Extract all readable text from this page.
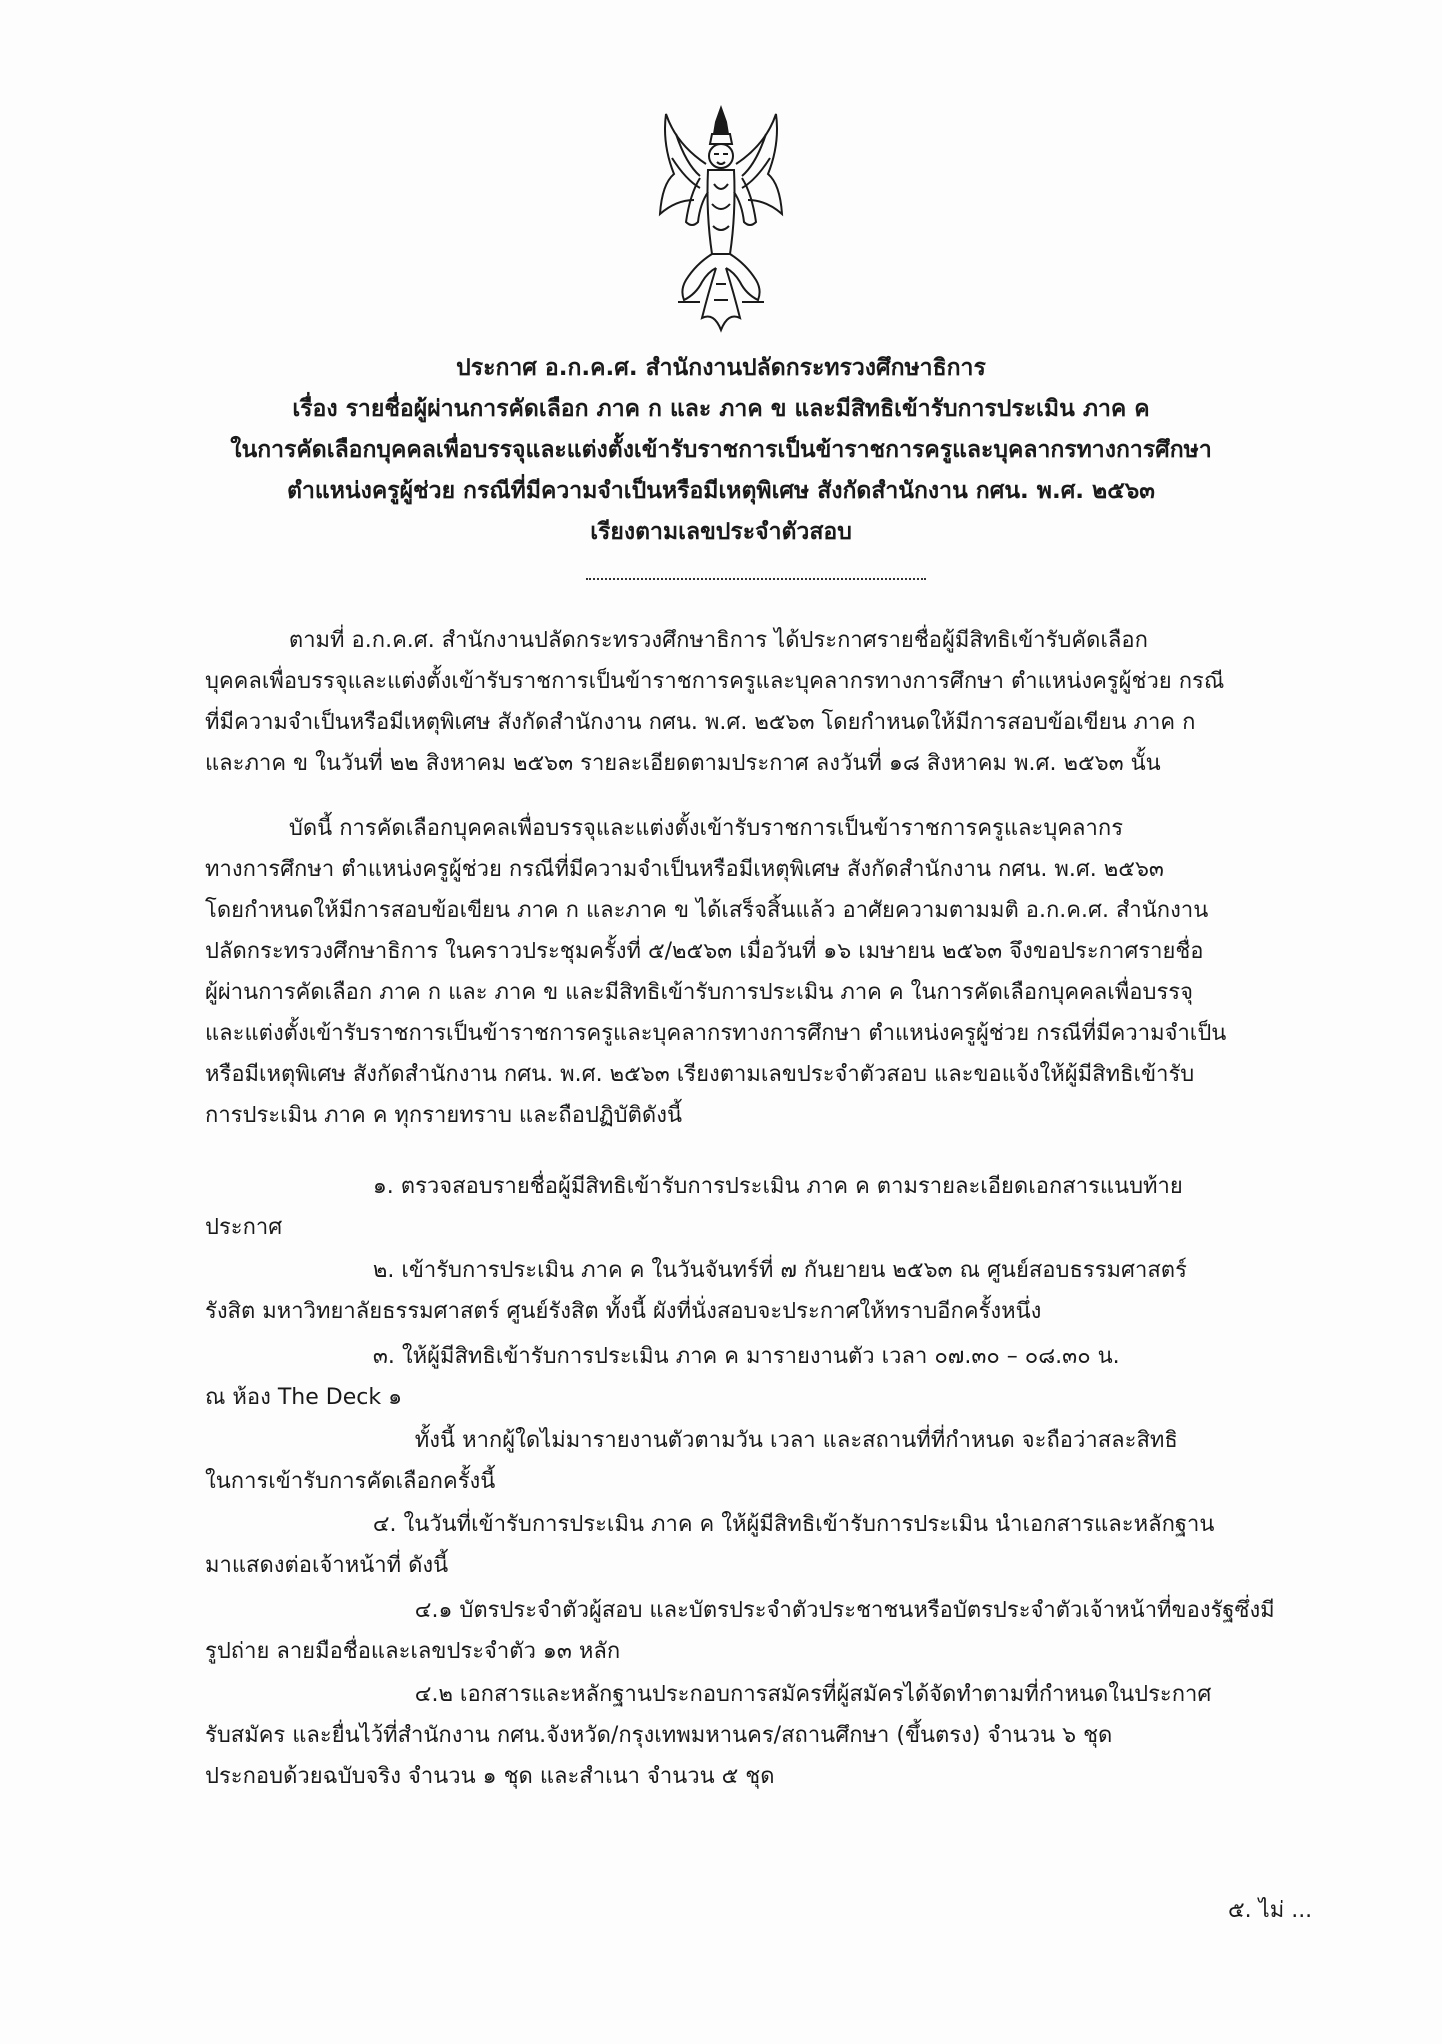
ประกาศ อ.ก.ค.ศ. สำนักงานปลัดกระทรวงศึกษาธิการ
เรื่อง รายชื่อผู้ผ่านการคัดเลือก ภาค ก และ ภาค ข และมีสิทธิเข้ารับการประเมิน ภาค ค
ในการคัดเลือกบุคคลเพื่อบรรจุและแต่งตั้งเข้ารับราชการเป็นข้าราชการครูและบุคลากรทางการศึกษา
ตำแหน่งครูผู้ช่วย กรณีที่มีความจำเป็นหรือมีเหตุพิเศษ สังกัดสำนักงาน กศน. พ.ศ. ๒๕๖๓
เรียงตามเลขประจำตัวสอบ
ตามที่ อ.ก.ค.ศ. สำนักงานปลัดกระทรวงศึกษาธิการ ได้ประกาศรายชื่อผู้มีสิทธิเข้ารับคัดเลือก
บุคคลเพื่อบรรจุและแต่งตั้งเข้ารับราชการเป็นข้าราชการครูและบุคลากรทางการศึกษา ตำแหน่งครูผู้ช่วย กรณี
ที่มีความจำเป็นหรือมีเหตุพิเศษ สังกัดสำนักงาน กศน. พ.ศ. ๒๕๖๓ โดยกำหนดให้มีการสอบข้อเขียน ภาค ก
และภาค ข ในวันที่ ๒๒ สิงหาคม ๒๕๖๓ รายละเอียดตามประกาศ ลงวันที่ ๑๘ สิงหาคม พ.ศ. ๒๕๖๓ นั้น
บัดนี้ การคัดเลือกบุคคลเพื่อบรรจุและแต่งตั้งเข้ารับราชการเป็นข้าราชการครูและบุคลากร
ทางการศึกษา ตำแหน่งครูผู้ช่วย กรณีที่มีความจำเป็นหรือมีเหตุพิเศษ สังกัดสำนักงาน กศน. พ.ศ. ๒๕๖๓
โดยกำหนดให้มีการสอบข้อเขียน ภาค ก และภาค ข ได้เสร็จสิ้นแล้ว อาศัยความตามมติ อ.ก.ค.ศ. สำนักงาน
ปลัดกระทรวงศึกษาธิการ ในคราวประชุมครั้งที่ ๕/๒๕๖๓ เมื่อวันที่ ๑๖ เมษายน ๒๕๖๓ จึงขอประกาศรายชื่อ
ผู้ผ่านการคัดเลือก ภาค ก และ ภาค ข และมีสิทธิเข้ารับการประเมิน ภาค ค ในการคัดเลือกบุคคลเพื่อบรรจุ
และแต่งตั้งเข้ารับราชการเป็นข้าราชการครูและบุคลากรทางการศึกษา ตำแหน่งครูผู้ช่วย กรณีที่มีความจำเป็น
หรือมีเหตุพิเศษ สังกัดสำนักงาน กศน. พ.ศ. ๒๕๖๓ เรียงตามเลขประจำตัวสอบ และขอแจ้งให้ผู้มีสิทธิเข้ารับ
การประเมิน ภาค ค ทุกรายทราบ และถือปฏิบัติดังนี้
๑. ตรวจสอบรายชื่อผู้มีสิทธิเข้ารับการประเมิน ภาค ค ตามรายละเอียดเอกสารแนบท้าย
ประกาศ
๒. เข้ารับการประเมิน ภาค ค ในวันจันทร์ที่ ๗ กันยายน ๒๕๖๓ ณ ศูนย์สอบธรรมศาสตร์
รังสิต มหาวิทยาลัยธรรมศาสตร์ ศูนย์รังสิต ทั้งนี้ ผังที่นั่งสอบจะประกาศให้ทราบอีกครั้งหนึ่ง
๓. ให้ผู้มีสิทธิเข้ารับการประเมิน ภาค ค มารายงานตัว เวลา ๐๗.๓๐ – ๐๘.๓๐ น.
ณ ห้อง The Deck ๑
ทั้งนี้ หากผู้ใดไม่มารายงานตัวตามวัน เวลา และสถานที่ที่กำหนด จะถือว่าสละสิทธิ
ในการเข้ารับการคัดเลือกครั้งนี้
๔. ในวันที่เข้ารับการประเมิน ภาค ค ให้ผู้มีสิทธิเข้ารับการประเมิน นำเอกสารและหลักฐาน
มาแสดงต่อเจ้าหน้าที่ ดังนี้
๔.๑ บัตรประจำตัวผู้สอบ และบัตรประจำตัวประชาชนหรือบัตรประจำตัวเจ้าหน้าที่ของรัฐซึ่งมี
รูปถ่าย ลายมือชื่อและเลขประจำตัว ๑๓ หลัก
๔.๒ เอกสารและหลักฐานประกอบการสมัครที่ผู้สมัครได้จัดทำตามที่กำหนดในประกาศ
รับสมัคร และยื่นไว้ที่สำนักงาน กศน.จังหวัด/กรุงเทพมหานคร/สถานศึกษา (ขึ้นตรง) จำนวน ๖ ชุด
ประกอบด้วยฉบับจริง จำนวน ๑ ชุด และสำเนา จำนวน ๕ ชุด
๕. ไม่ ...
